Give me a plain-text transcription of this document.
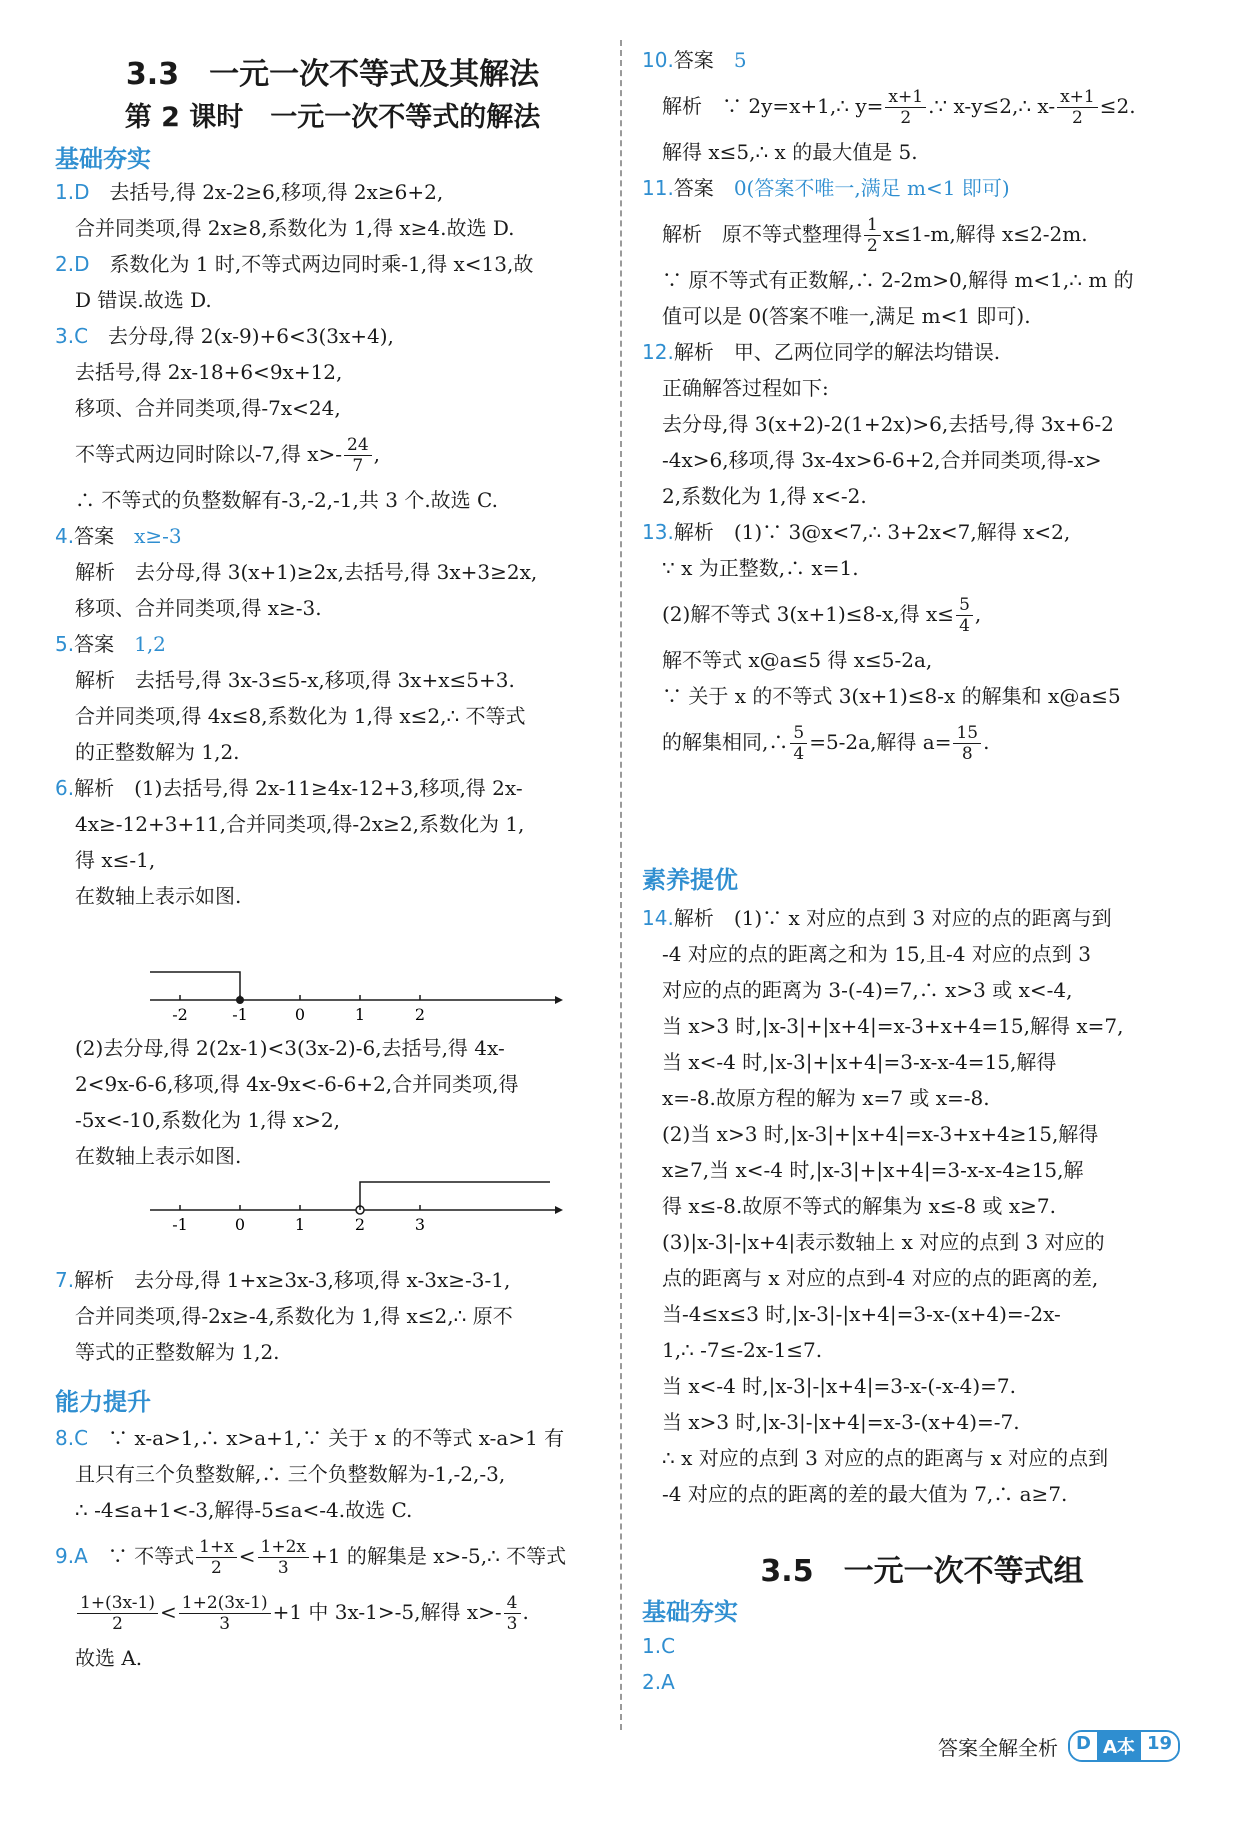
3.3　一元一次不等式及其解法
第 2 课时　一元一次不等式的解法
基础夯实
1.D　 去括号,得 2x-2≥6,移项,得 2x≥6+2,
合并同类项,得 2x≥8,系数化为 1,得 x≥4.故选 D.
2.D　 系数化为 1 时,不等式两边同时乘-1,得 x<13,故
D 错误.故选 D.
3.C　 去分母,得 2(x-9)+6<3(3x+4),
去括号,得 2x-18+6<9x+12,
移项、合并同类项,得-7x<24,
不等式两边同时除以-7,得 $x>- \frac{24}{7}$ ,
∴ 不等式的负整数解有-3,-2,-1,共 3 个.故选 C.
4.答案　 x≥-3
解析　 去分母,得 3(x+1)≥2x,去括号,得 3x+3≥2x,
移项、合并同类项,得 x≥-3.
5.答案　 1,2
解析　 去括号,得 3x-3≤5-x,移项,得 3x+x≤5+3.
合并同类项,得 4x≤8,系数化为 1,得 x≤2,∴ 不等式
的正整数解为 1,2.
6.解析　 (1)去括号,得 2x-11≥4x-12+3,移项,得 2x-
4x≥-12+3+11,合并同类项,得-2x≥2,系数化为 1,
得 x≤-1,
在数轴上表示如图.
-2	-1	0	1	2
(2)去分母,得 2(2x-1)<3(3x-2)-6,去括号,得 4x-
2<9x-6-6,移项,得 4x-9x<-6-6+2,合并同类项,得
-5x<-10,系数化为 1,得 x>2,
在数轴上表示如图.
-1	0	1	2	3
7.解析　 去分母,得 1+x≥3x-3,移项,得 x-3x≥-3-1,
合并同类项,得-2x≥-4,系数化为 1,得 x≤2,∴ 原不
等式的正整数解为 1,2.
能力提升
8.C　 ∵ x-a>1,∴ x>a+1,∵ 关于 x 的不等式 x-a>1 有
且只有三个负整数解,∴ 三个负整数解为-1,-2,-3,
∴ -4≤a+1<-3,解得-5≤a<-4.故选 C.
9.A　 ∵ 不等式 $\frac{1+x}{2} < \frac{1+2x}{3} +1$ 的解集是 x>-5,∴ 不等式
$\frac{1+(3x-1)}{2} < \frac{1+2(3x-1)}{3} +1$ 中 3x-1>-5,解得 $x>- \frac{4}{3}$ .
故选 A.
10.答案　 5
解析　 ∵ 2y=x+1,∴ $y= \frac{x+1}{2}$ .∵ x-y≤2,∴ $x- \frac{x+1}{2} \le 2$.
解得 x≤5,∴ x 的最大值是 5.
11.答案　 0(答案不唯一,满足 m<1 即可)
解析　 原不等式整理得 $\frac{1}{2} x\le 1-m$,解得 x≤2-2m.
∵ 原不等式有正数解,∴ 2-2m>0,解得 m<1,∴ m 的
值可以是 0(答案不唯一,满足 m<1 即可).
12.解析　 甲、乙两位同学的解法均错误.
正确解答过程如下:
去分母,得 3(x+2)-2(1+2x)>6,去括号,得 3x+6-2
-4x>6,移项,得 3x-4x>6-6+2,合并同类项,得-x>
2,系数化为 1,得 x<-2.
13.解析　 (1)∵ 3@x<7,∴ 3+2x<7,解得 x<2,
∵ x 为正整数,∴ x=1.
(2)解不等式 3(x+1)≤8-x,得 $x\le \frac{5}{4}$ ,
解不等式 x@a≤5 得 x≤5-2a,
∵ 关于 x 的不等式 3(x+1)≤8-x 的解集和 x@a≤5
的解集相同,∴ $\frac{5}{4} =5-2a$,解得 $a= \frac{15}{8}$ .
素养提优
14.解析　 (1)∵ x 对应的点到 3 对应的点的距离与到
-4 对应的点的距离之和为 15,且-4 对应的点到 3
对应的点的距离为 3-(-4)=7,∴ x>3 或 x<-4,
当 x>3 时,|x-3|+|x+4|=x-3+x+4=15,解得 x=7,
当 x<-4 时,|x-3|+|x+4|=3-x-x-4=15,解得
x=-8.故原方程的解为 x=7 或 x=-8.
(2)当 x>3 时,|x-3|+|x+4|=x-3+x+4≥15,解得
x≥7,当 x<-4 时,|x-3|+|x+4|=3-x-x-4≥15,解
得 x≤-8.故原不等式的解集为 x≤-8 或 x≥7.
(3)|x-3|-|x+4|表示数轴上 x 对应的点到 3 对应的
点的距离与 x 对应的点到-4 对应的点的距离的差,
当-4≤x≤3 时,|x-3|-|x+4|=3-x-(x+4)=-2x-
1,∴ -7≤-2x-1≤7.
当 x<-4 时,|x-3|-|x+4|=3-x-(-x-4)=7.
当 x>3 时,|x-3|-|x+4|=x-3-(x+4)=-7.
∴ x 对应的点到 3 对应的点的距离与 x 对应的点到
-4 对应的点的距离的差的最大值为 7,∴ a≥7.
3.5　一元一次不等式组
基础夯实
1.C
2.A
答案全解全析	D A本 19
